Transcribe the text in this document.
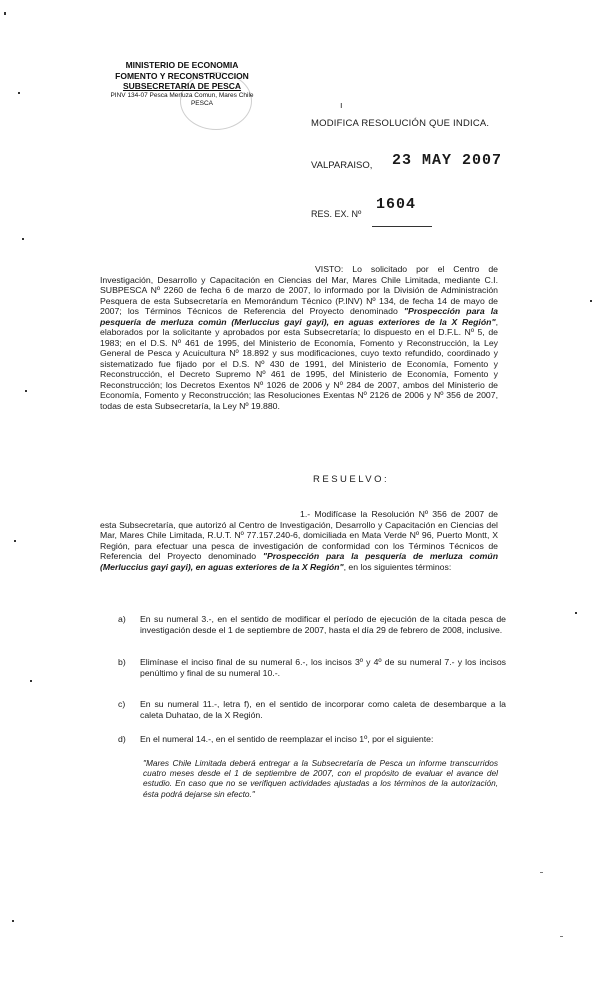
MINISTERIO DE ECONOMIA
FOMENTO Y RECONSTRUCCION
SUBSECRETARIA DE PESCA
PINV 134-07 Pesca Merluza Comun, Mares Chile
PESCA	ı
MODIFICA RESOLUCIÓN QUE INDICA.
VALPARAISO, 23 MAY 2007
RES. EX. Nº
1604
VISTO: Lo solicitado por el Centro de Investigación, Desarrollo y Capacitación en Ciencias del Mar, Mares Chile Limitada, mediante C.I. SUBPESCA Nº 2260 de fecha 6 de marzo de 2007, lo informado por la División de Administración Pesquera de esta Subsecretaría en Memorándum Técnico (P.INV) Nº 134, de fecha 14 de mayo de 2007; los Términos Técnicos de Referencia del Proyecto denominado "Prospección para la pesquería de merluza común (Merluccius gayi gayi), en aguas exteriores de la X Región", elaborados por la solicitante y aprobados por esta Subsecretaría; lo dispuesto en el D.F.L. Nº 5, de 1983; en el D.S. Nº 461 de 1995, del Ministerio de Economía, Fomento y Reconstrucción, la Ley General de Pesca y Acuicultura Nº 18.892 y sus modificaciones, cuyo texto refundido, coordinado y sistematizado fue fijado por el D.S. Nº 430 de 1991, del Ministerio de Economía, Fomento y Reconstrucción, el Decreto Supremo Nº 461 de 1995, del Ministerio de Economía, Fomento y Reconstrucción; los Decretos Exentos Nº 1026 de 2006 y Nº 284 de 2007, ambos del Ministerio de Economía, Fomento y Reconstrucción; las Resoluciones Exentas Nº 2126 de 2006 y Nº 356 de 2007, todas de esta Subsecretaría, la Ley Nº 19.880.
RESUELVO:
1.- Modifícase la Resolución Nº 356 de 2007 de esta Subsecretaría, que autorizó al Centro de Investigación, Desarrollo y Capacitación en Ciencias del Mar, Mares Chile Limitada, R.U.T. Nº 77.157.240-6, domiciliada en Mata Verde Nº 96, Puerto Montt, X Región, para efectuar una pesca de investigación de conformidad con los Términos Técnicos de Referencia del Proyecto denominado "Prospección para la pesquería de merluza común (Merluccius gayi gayi), en aguas exteriores de la X Región", en los siguientes términos:
a) En su numeral 3.-, en el sentido de modificar el período de ejecución de la citada pesca de investigación desde el 1 de septiembre de 2007, hasta el día 29 de febrero de 2008, inclusive.
b) Elimínase el inciso final de su numeral 6.-, los incisos 3º y 4º de su numeral 7.- y los incisos penúltimo y final de su numeral 10.-.
c) En su numeral 11.-, letra f), en el sentido de incorporar como caleta de desembarque a la caleta Duhatao, de la X Región.
d) En el numeral 14.-, en el sentido de reemplazar el inciso 1º, por el siguiente:
"Mares Chile Limitada deberá entregar a la Subsecretaría de Pesca un informe transcurridos cuatro meses desde el 1 de septiembre de 2007, con el propósito de evaluar el avance del estudio. En caso que no se verifiquen actividades ajustadas a los términos de la autorización, ésta podrá dejarse sin efecto."
